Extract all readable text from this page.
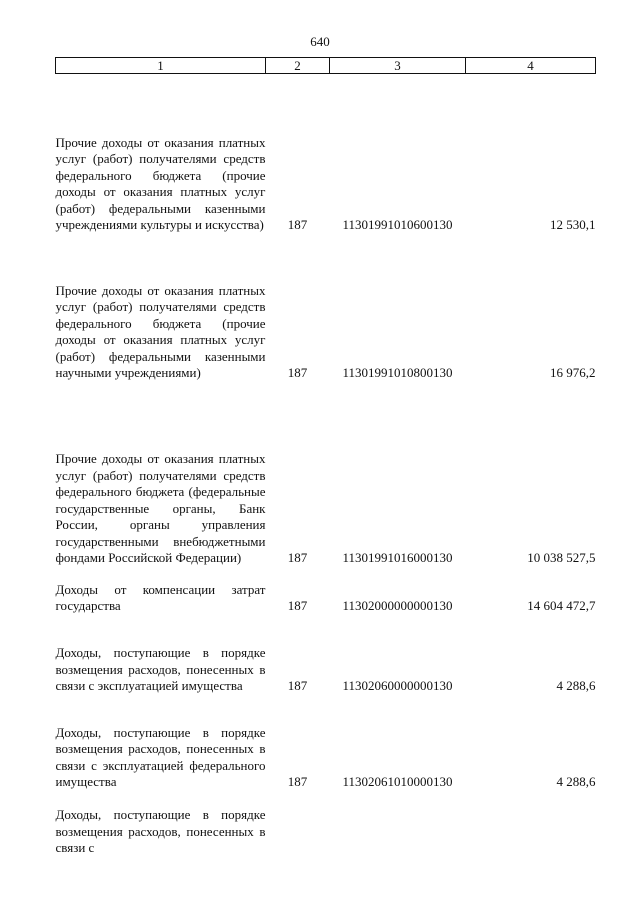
640
1	2	3	4
Прочие доходы от оказания платных услуг (работ) получателями средств федерального бюджета (прочие доходы от оказания платных услуг (работ) федеральными казенными учреждениями культуры и искусства)	187	11301991010600130	12 530,1
Прочие доходы от оказания платных услуг (работ) получателями средств федерального бюджета (прочие доходы от оказания платных услуг (работ) федеральными казенными научными учреждениями)	187	11301991010800130	16 976,2
Прочие доходы от оказания платных услуг (работ) получателями средств федерального бюджета (федеральные государственные органы, Банк России, органы управления государственными внебюджетными фондами Российской Федерации)	187	11301991016000130	10 038 527,5
Доходы от компенсации затрат государства	187	11302000000000130	14 604 472,7
Доходы, поступающие в порядке возмещения расходов, понесенных в связи с эксплуатацией имущества	187	11302060000000130	4 288,6
Доходы, поступающие в порядке возмещения расходов, понесенных в связи с эксплуатацией федерального имущества	187	11302061010000130	4 288,6
Доходы, поступающие в порядке возмещения расходов, понесенных в связи с			
